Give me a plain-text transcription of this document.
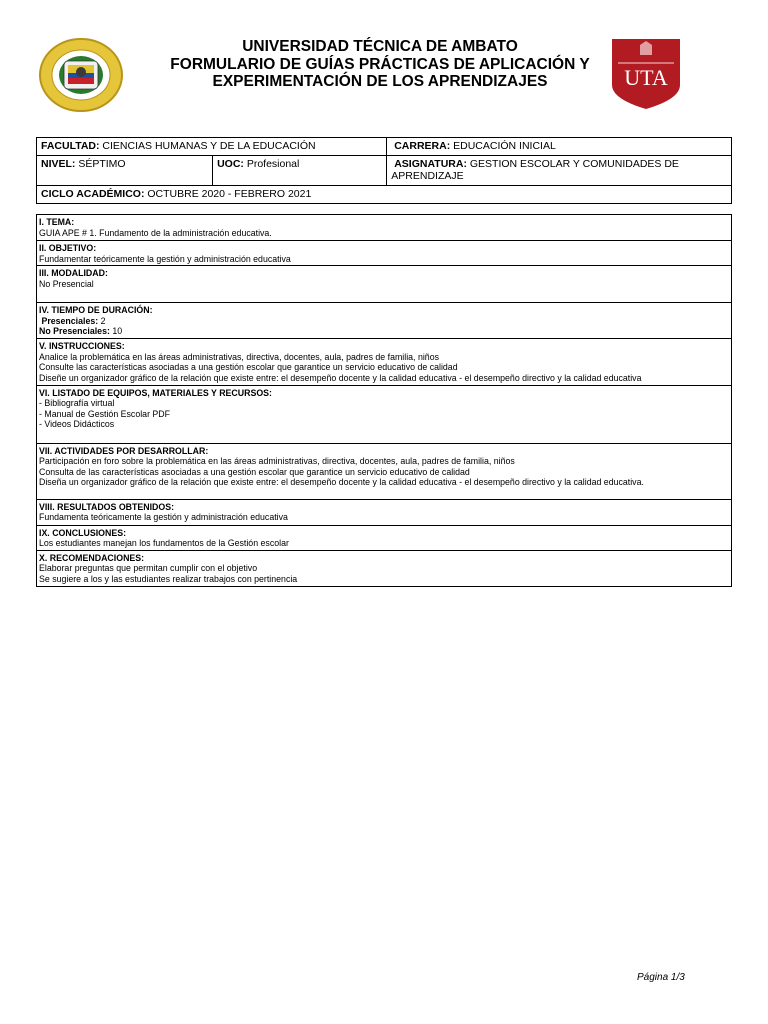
UNIVERSIDAD TÉCNICA DE AMBATO
FORMULARIO DE GUÍAS PRÁCTICAS DE APLICACIÓN Y
EXPERIMENTACIÓN DE LOS APRENDIZAJES	UTA
FACULTAD: CIENCIAS HUMANAS Y DE LA EDUCACIÓN		CARRERA: EDUCACIÓN INICIAL
NIVEL: SÉPTIMO	UOC: Profesional	ASIGNATURA: GESTION ESCOLAR Y COMUNIDADES DE APRENDIZAJE
CICLO ACADÉMICO: OCTUBRE 2020 - FEBRERO 2021		
I. TEMA:
GUIA APE # 1. Fundamento de la administración educativa.

II. OBJETIVO:
Fundamentar teóricamente la gestión y administración educativa

III. MODALIDAD:
No Presencial

IV. TIEMPO DE DURACIÓN:
Presenciales: 2
No Presenciales: 10

V. INSTRUCCIONES:
Analice la problemática en las áreas administrativas, directiva, docentes, aula, padres de familia, niños
Consulte las características asociadas a una gestión escolar que garantice un servicio educativo de calidad
Diseñe un organizador gráfico de la relación que existe entre: el desempeño docente y la calidad educativa - el desempeño directivo y la calidad educativa

VI. LISTADO DE EQUIPOS, MATERIALES Y RECURSOS:
- Bibliografía virtual
- Manual de Gestión Escolar PDF
- Videos Didácticos

VII. ACTIVIDADES POR DESARROLLAR:
Participación en foro sobre la problemática en las áreas administrativas, directiva, docentes, aula, padres de familia, niños
Consulta de las características asociadas a una gestión escolar que garantice un servicio educativo de calidad
Diseña un organizador gráfico de la relación que existe entre: el desempeño docente y la calidad educativa - el desempeño directivo y la calidad educativa.

VIII. RESULTADOS OBTENIDOS:
Fundamenta teóricamente la gestión y administración educativa

IX. CONCLUSIONES:
Los estudiantes manejan los fundamentos de la Gestión escolar

X. RECOMENDACIONES:
Elaborar preguntas que permitan cumplir con el objetivo
Se sugiere a los y las estudiantes realizar trabajos con pertinencia
Página 1/3
